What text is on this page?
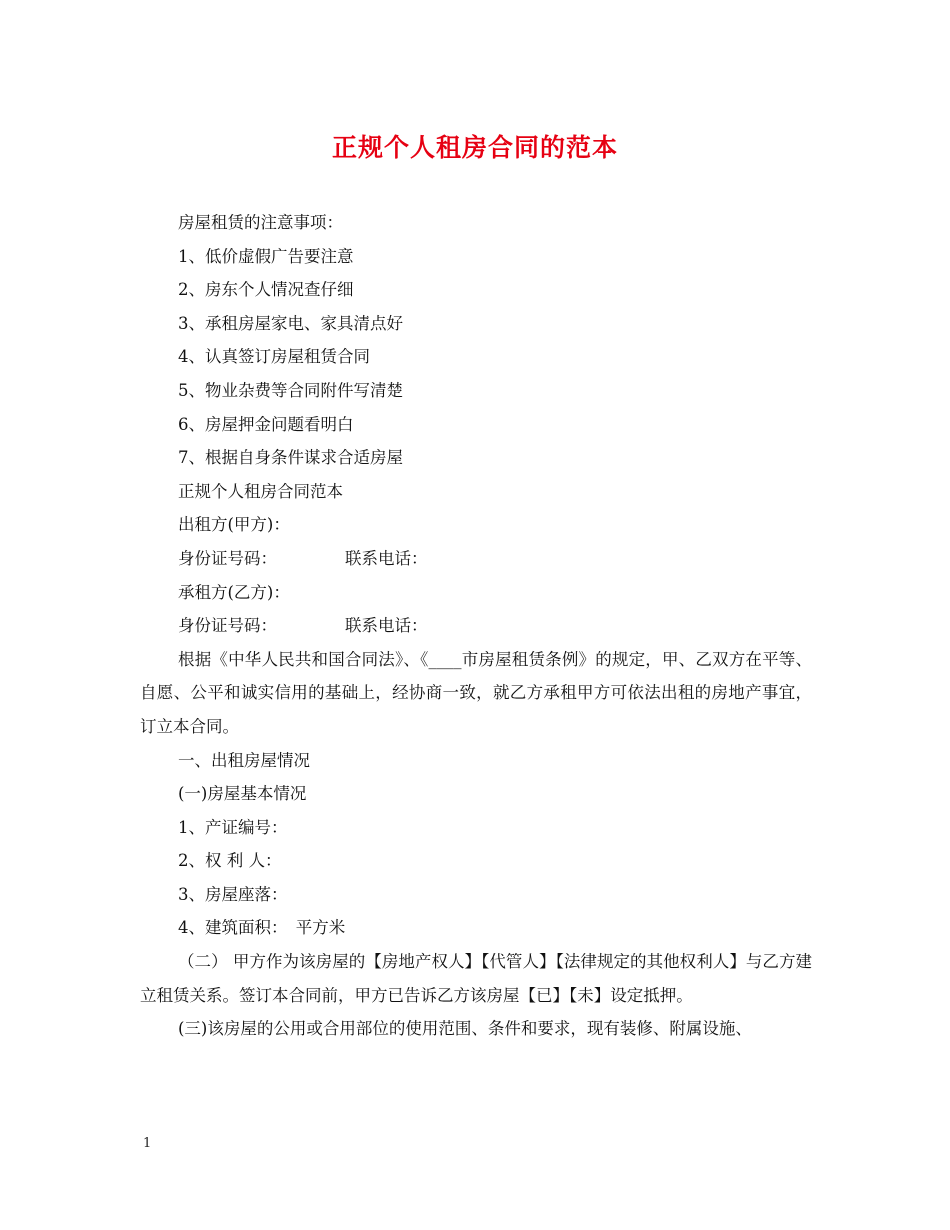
正规个人租房合同的范本

房屋租赁的注意事项：

1、低价虚假广告要注意

2、房东个人情况查仔细

3、承租房屋家电、家具清点好

4、认真签订房屋租赁合同

5、物业杂费等合同附件写清楚

6、房屋押金问题看明白

7、根据自身条件谋求合适房屋

正规个人租房合同范本

出租方(甲方)：

身份证号码：	联系电话：

承租方(乙方)：

身份证号码：	联系电话：

根据《中华人民共和国合同法》、《____市房屋租赁条例》的规定，甲、乙双方在平等、自愿、公平和诚实信用的基础上，经协商一致，就乙方承租甲方可依法出租的房地产事宜，订立本合同。

一、出租房屋情况

(一)房屋基本情况

1、产证编号：

2、权 利 人：

3、房屋座落：

4、建筑面积：　平方米

（二） 甲方作为该房屋的【房地产权人】【代管人】【法律规定的其他权利人】与乙方建立租赁关系。签订本合同前，甲方已告诉乙方该房屋【已】【未】设定抵押。

(三)该房屋的公用或合用部位的使用范围、条件和要求，现有装修、附属设施、

1
